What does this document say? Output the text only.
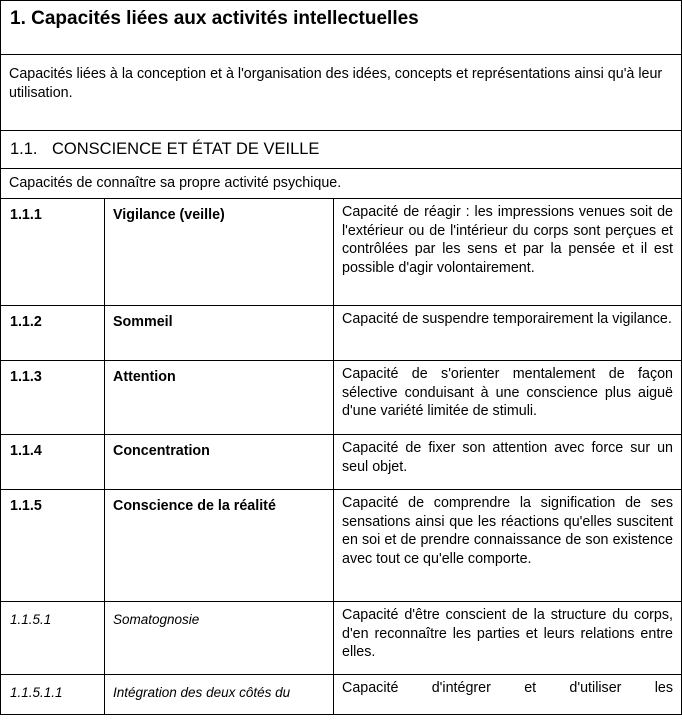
1. Capacités liées aux activités intellectuelles		
Capacités liées à la conception et à l'organisation des idées, concepts et représentations ainsi qu'à leur utilisation.		
1.1. CONSCIENCE ET ÉTAT DE VEILLE		
Capacités de connaître sa propre activité psychique.		
1.1.1	Vigilance (veille)	Capacité de réagir : les impressions venues soit de l'extérieur ou de l'intérieur du corps sont perçues et contrôlées par les sens et par la pensée et il est possible d'agir volontairement.
1.1.2	Sommeil	Capacité de suspendre temporairement la vigilance.
1.1.3	Attention	Capacité de s'orienter mentalement de façon sélective conduisant à une conscience plus aiguë d'une variété limitée de stimuli.
1.1.4	Concentration	Capacité de fixer son attention avec force sur un seul objet.
1.1.5	Conscience de la réalité	Capacité de comprendre la signification de ses sensations ainsi que les réactions qu'elles suscitent en soi et de prendre connaissance de son existence avec tout ce qu'elle comporte.
1.1.5.1	Somatognosie	Capacité d'être conscient de la structure du corps, d'en reconnaître les parties et leurs relations entre elles.
1.1.5.1.1	Intégration des deux côtés du	Capacité d'intégrer et d'utiliser les
